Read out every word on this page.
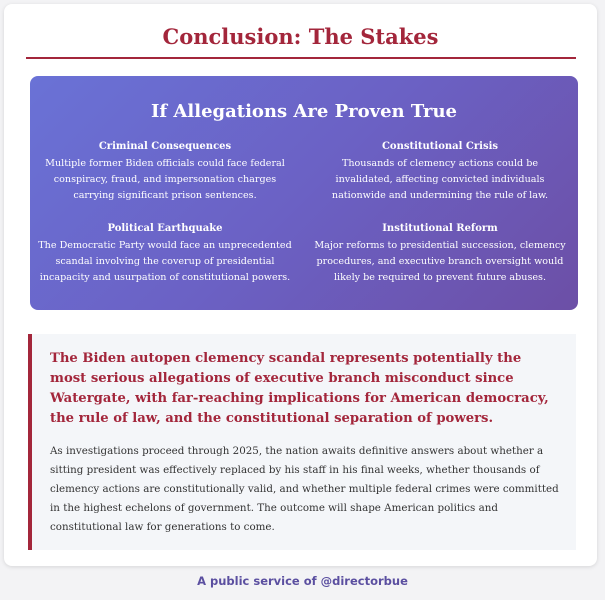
Conclusion: The Stakes
If Allegations Are Proven True

Criminal Consequences

Multiple former Biden officials could face federal conspiracy, fraud, and impersonation charges carrying significant prison sentences.

Constitutional Crisis

Thousands of clemency actions could be invalidated, affecting convicted individuals nationwide and undermining the rule of law.

Political Earthquake

The Democratic Party would face an unprecedented scandal involving the coverup of presidential incapacity and usurpation of constitutional powers.

Institutional Reform

Major reforms to presidential succession, clemency procedures, and executive branch oversight would likely be required to prevent future abuses.

The Biden autopen clemency scandal represents potentially the most serious allegations of executive branch misconduct since Watergate, with far-reaching implications for American democracy, the rule of law, and the constitutional separation of powers.

As investigations proceed through 2025, the nation awaits definitive answers about whether a sitting president was effectively replaced by his staff in his final weeks, whether thousands of clemency actions are constitutionally valid, and whether multiple federal crimes were committed in the highest echelons of government. The outcome will shape American politics and constitutional law for generations to come.

A public service of @directorbue
